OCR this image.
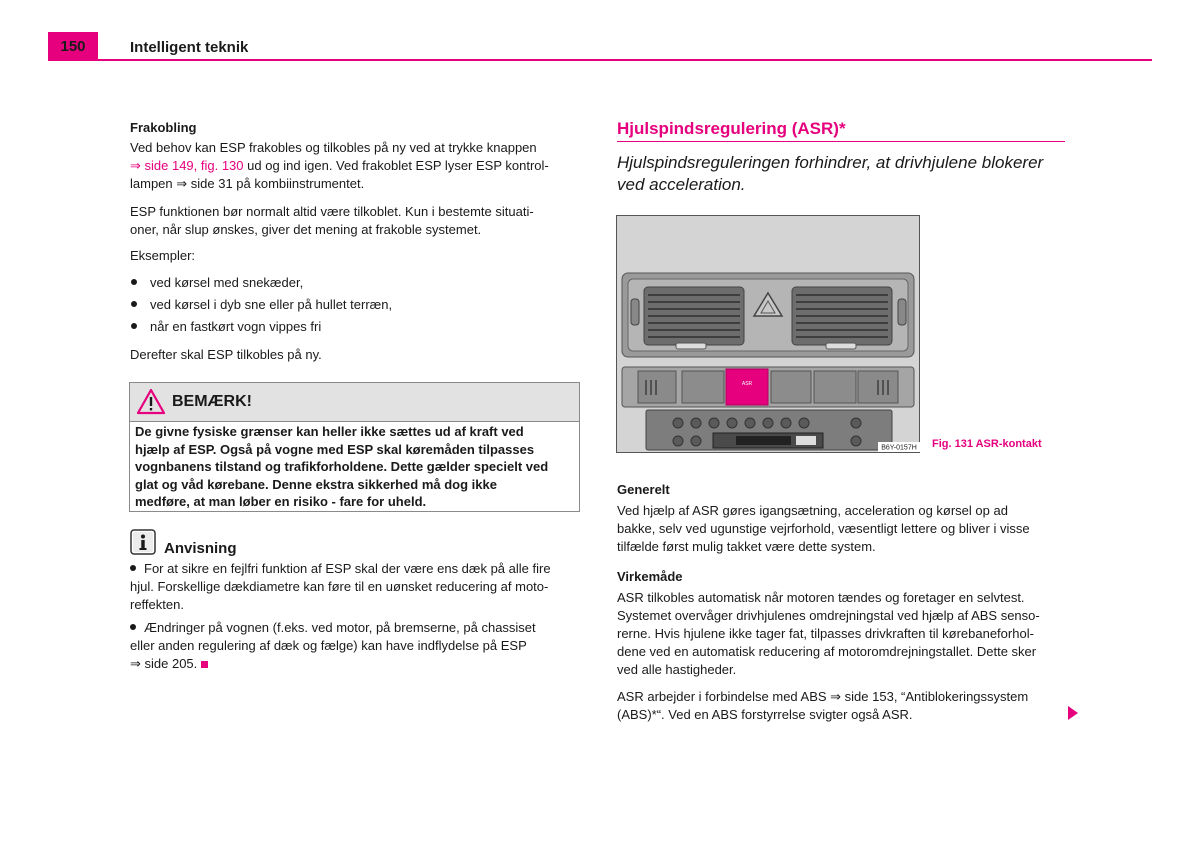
150	Intelligent teknik
Frakobling

Ved behov kan ESP frakobles og tilkobles på ny ved at trykke knappen

⇒ side 149, fig. 130 ud og ind igen. Ved frakoblet ESP lyser ESP kontrol-

lampen ⇒ side 31 på kombiinstrumentet.

ESP funktionen bør normalt altid være tilkoblet. Kun i bestemte situati-

oner, når slup ønskes, giver det mening at frakoble systemet.

Eksempler:
ved kørsel med snekæder,
ved kørsel i dyb sne eller på hullet terræn,
når en fastkørt vogn vippes fri
Derefter skal ESP tilkobles på ny.
BEMÆRK!

De givne fysiske grænser kan heller ikke sættes ud af kraft ved

hjælp af ESP. Også på vogne med ESP skal køremåden tilpasses

vognbanens tilstand og trafikforholdene. Dette gælder specielt ved

glat og våd kørebane. Denne ekstra sikkerhed må dog ikke

medføre, at man løber en risiko - fare for uheld.

Anvisning

For at sikre en fejlfri funktion af ESP skal der være ens dæk på alle fire

hjul. Forskellige dækdiametre kan føre til en uønsket reducering af moto-

reffekten.

Ændringer på vognen (f.eks. ved motor, på bremserne, på chassiset

eller anden regulering af dæk og fælge) kan have indflydelse på ESP

⇒ side 205.

Hjulspindsregulering (ASR)*

Hjulspindsreguleringen forhindrer, at drivhjulene blokerer

ved acceleration.

ASR
B6Y-0157H Fig. 131 ASR-kontakt
Generelt

Ved hjælp af ASR gøres igangsætning, acceleration og kørsel op ad

bakke, selv ved ugunstige vejrforhold, væsentligt lettere og bliver i visse

tilfælde først mulig takket være dette system.

Virkemåde

ASR tilkobles automatisk når motoren tændes og foretager en selvtest.

Systemet overvåger drivhjulenes omdrejningstal ved hjælp af ABS senso-

rerne. Hvis hjulene ikke tager fat, tilpasses drivkraften til kørebaneforhol-

dene ved en automatisk reducering af motoromdrejningstallet. Dette sker

ved alle hastigheder.

ASR arbejder i forbindelse med ABS ⇒ side 153, “Antiblokeringssystem

(ABS)*“. Ved en ABS forstyrrelse svigter også ASR.
